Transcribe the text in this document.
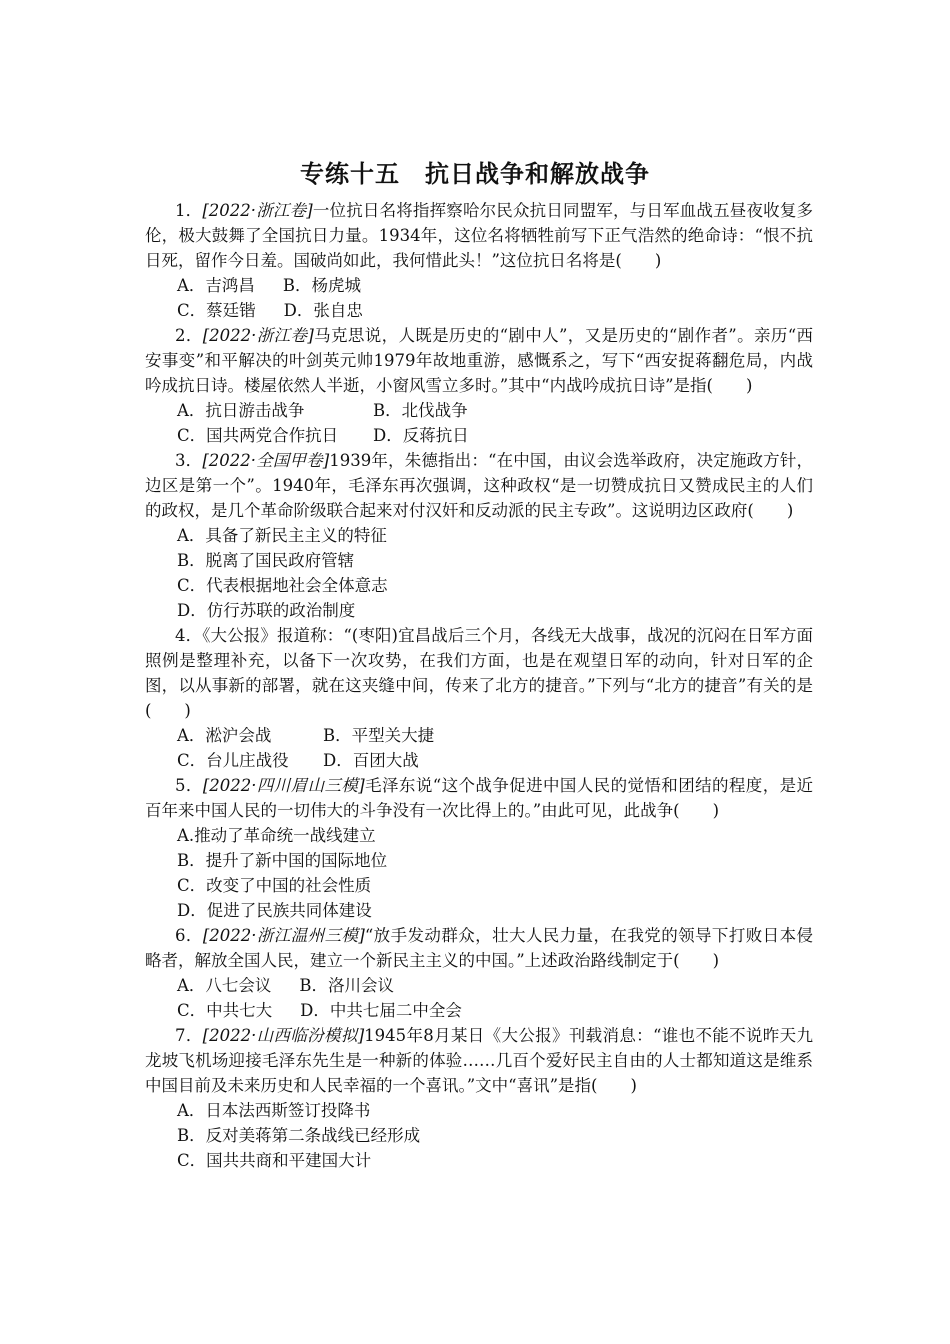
专练十五　抗日战争和解放战争

1．[2022·浙江卷]一位抗日名将指挥察哈尔民众抗日同盟军，与日军血战五昼夜收复多伦，极大鼓舞了全国抗日力量。1934年，这位名将牺牲前写下正气浩然的绝命诗：“恨不抗日死，留作今日羞。国破尚如此，我何惜此头！”这位抗日名将是(　　)

A．吉鸿昌 B．杨虎城

C．蔡廷锴 D．张自忠

2．[2022·浙江卷]马克思说，人既是历史的“剧中人”，又是历史的“剧作者”。亲历“西安事变”和平解决的叶剑英元帅1979年故地重游，感慨系之，写下“西安捉蒋翻危局，内战吟成抗日诗。楼屋依然人半逝，小窗风雪立多时。”其中“内战吟成抗日诗”是指(　　)

A．抗日游击战争	B．北伐战争

C．国共两党合作抗日 D．反蒋抗日

3．[2022·全国甲卷]1939年，朱德指出：“在中国，由议会选举政府，决定施政方针，边区是第一个”。1940年，毛泽东再次强调，这种政权“是一切赞成抗日又赞成民主的人们的政权，是几个革命阶级联合起来对付汉奸和反动派的民主专政”。这说明边区政府(　　)

A．具备了新民主主义的特征

B．脱离了国民政府管辖

C．代表根据地社会全体意志

D．仿行苏联的政治制度

4．《大公报》报道称：“(枣阳)宜昌战后三个月，各线无大战事，战况的沉闷在日军方面照例是整理补充，以备下一次攻势，在我们方面，也是在观望日军的动向，针对日军的企图，以从事新的部署，就在这夹缝中间，传来了北方的捷音。”下列与“北方的捷音”有关的是(　　)

A．淞沪会战	B．平型关大捷

C．台儿庄战役 D．百团大战

5．[2022·四川眉山三模]毛泽东说“这个战争促进中国人民的觉悟和团结的程度，是近百年来中国人民的一切伟大的斗争没有一次比得上的。”由此可见，此战争(　　)

A.推动了革命统一战线建立

B．提升了新中国的国际地位

C．改变了中国的社会性质

D．促进了民族共同体建设

6．[2022·浙江温州三模]“放手发动群众，壮大人民力量，在我党的领导下打败日本侵略者，解放全国人民，建立一个新民主主义的中国。”上述政治路线制定于(　　)

A．八七会议 B．洛川会议

C．中共七大 D．中共七届二中全会

7．[2022·山西临汾模拟]1945年8月某日《大公报》刊载消息：“谁也不能不说昨天九龙坡飞机场迎接毛泽东先生是一种新的体验……几百个爱好民主自由的人士都知道这是维系中国目前及未来历史和人民幸福的一个喜讯。”文中“喜讯”是指(　　)

A．日本法西斯签订投降书

B．反对美蒋第二条战线已经形成

C．国共共商和平建国大计
